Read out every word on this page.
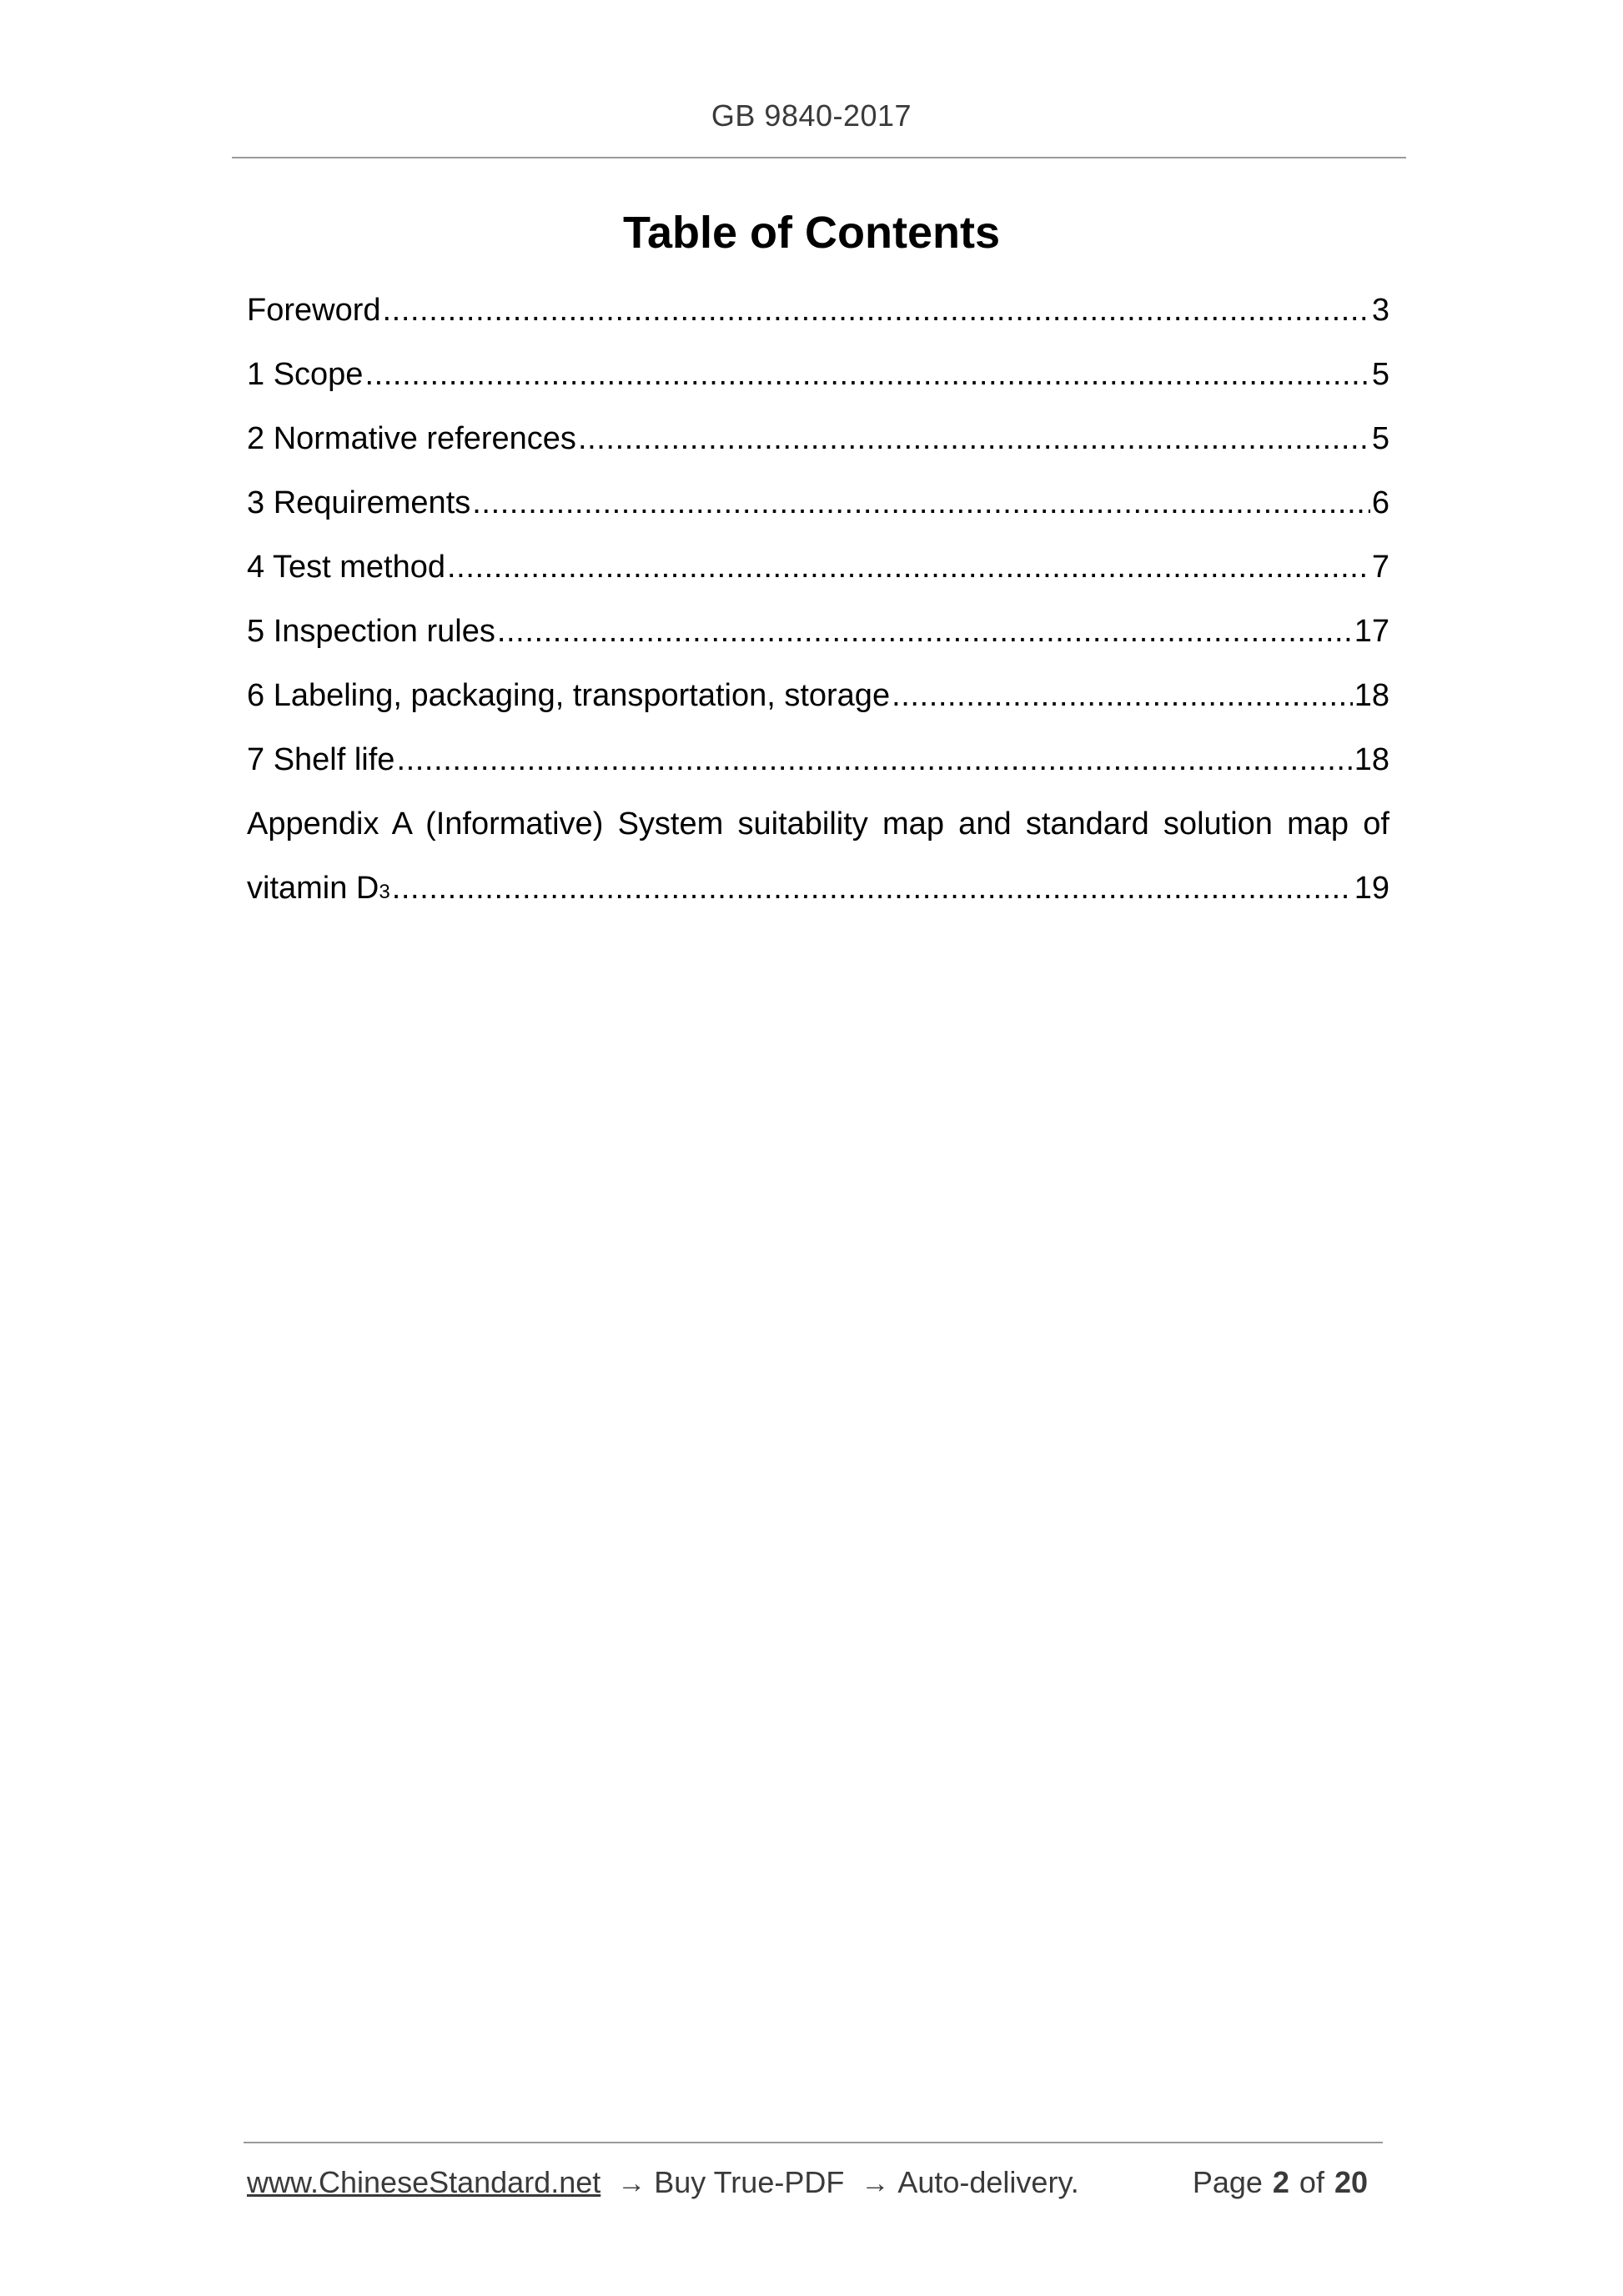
GB 9840-2017
Table of Contents
Foreword .....	3
1 Scope .....	5
2 Normative references .....	5
3 Requirements .....	6
4 Test method .....	7
5 Inspection rules .....	17
6 Labeling, packaging, transportation, storage .....	18
7 Shelf life .....	18
Appendix A (Informative) System suitability map and standard solution map of
vitamin D3 .....	19
www.ChineseStandard.net → Buy True-PDF → Auto-delivery.	Page 2 of 20
